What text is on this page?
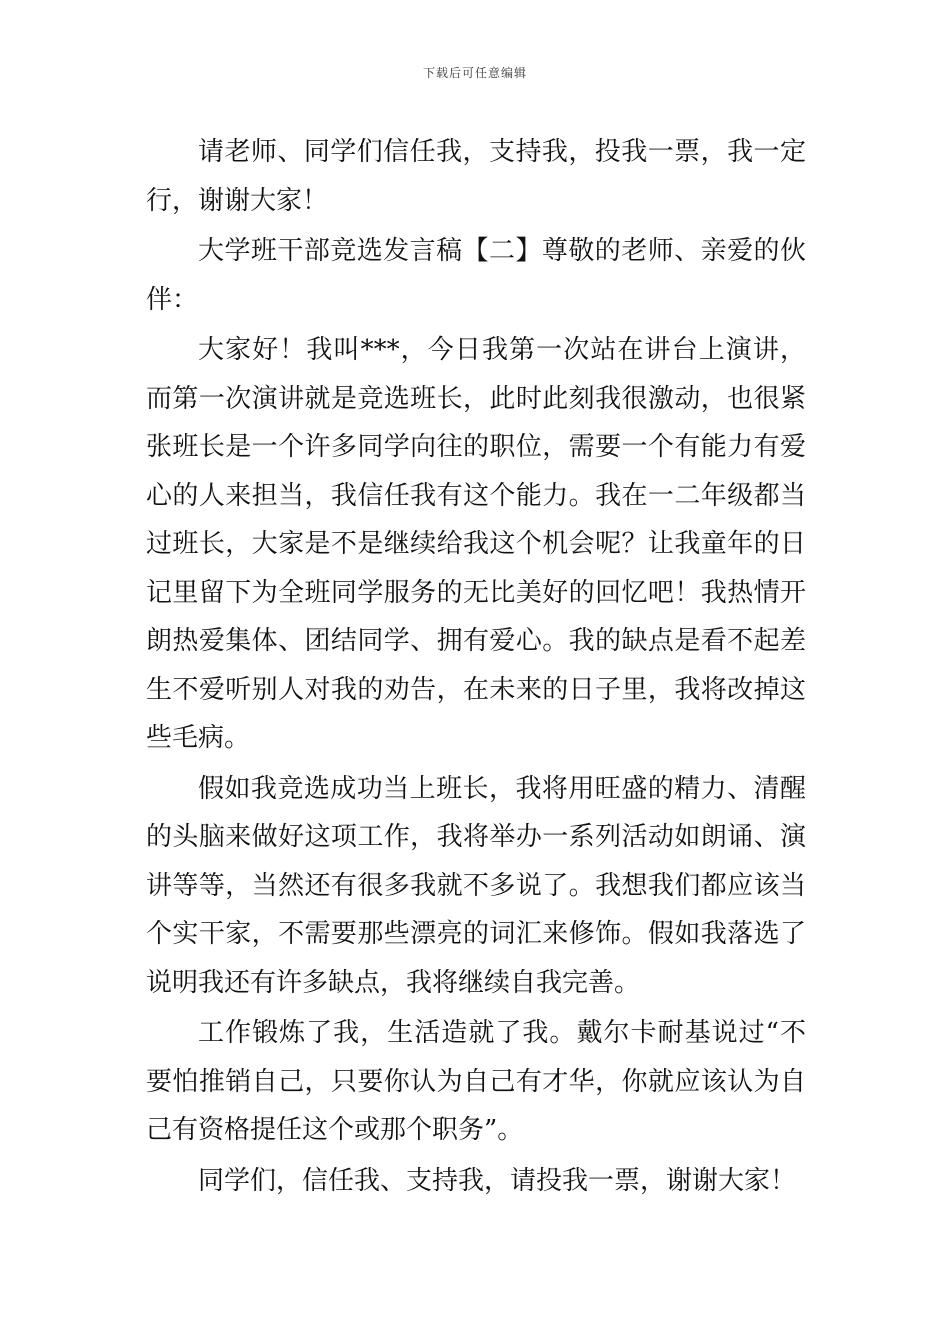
下载后可任意编辑

请老师、同学们信任我，支持我，投我一票，我一定行，谢谢大家！

大学班干部竞选发言稿【二】尊敬的老师、亲爱的伙伴：

大家好！我叫***，今日我第一次站在讲台上演讲，而第一次演讲就是竞选班长，此时此刻我很激动，也很紧张班长是一个许多同学向往的职位，需要一个有能力有爱心的人来担当，我信任我有这个能力。我在一二年级都当过班长，大家是不是继续给我这个机会呢？让我童年的日记里留下为全班同学服务的无比美好的回忆吧！我热情开朗热爱集体、团结同学、拥有爱心。我的缺点是看不起差生不爱听别人对我的劝告，在未来的日子里，我将改掉这些毛病。

假如我竞选成功当上班长，我将用旺盛的精力、清醒的头脑来做好这项工作，我将举办一系列活动如朗诵、演讲等等，当然还有很多我就不多说了。我想我们都应该当个实干家，不需要那些漂亮的词汇来修饰。假如我落选了说明我还有许多缺点，我将继续自我完善。

工作锻炼了我，生活造就了我。戴尔卡耐基说过“不要怕推销自己，只要你认为自己有才华，你就应该认为自己有资格提任这个或那个职务”。

同学们，信任我、支持我，请投我一票，谢谢大家！
